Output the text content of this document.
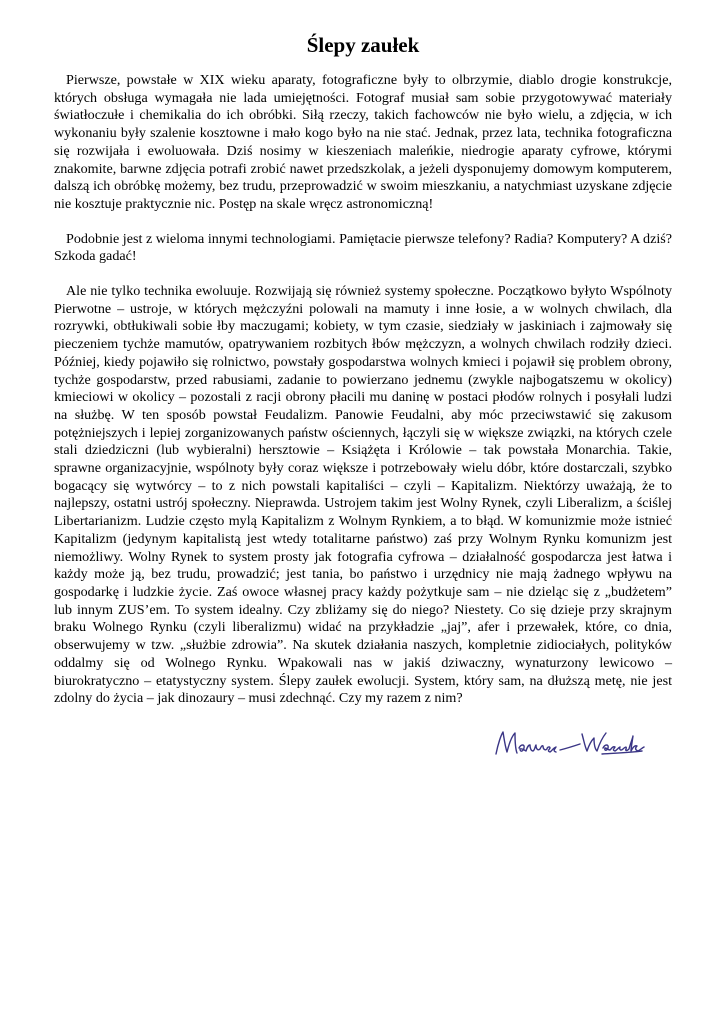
Ślepy zaułek

Pierwsze, powstałe w XIX wieku aparaty, fotograficzne były to olbrzymie, diablo drogie konstrukcje, których obsługa wymagała nie lada umiejętności. Fotograf musiał sam sobie przygotowywać materiały światłoczułe i chemikalia do ich obróbki. Siłą rzeczy, takich fachowców nie było wielu, a zdjęcia, w ich wykonaniu były szalenie kosztowne i mało kogo było na nie stać. Jednak, przez lata, technika fotograficzna się rozwijała i ewoluowała. Dziś nosimy w kieszeniach maleńkie, niedrogie aparaty cyfrowe, którymi znakomite, barwne zdjęcia potrafi zrobić nawet przedszkolak, a jeżeli dysponujemy domowym komputerem, dalszą ich obróbkę możemy, bez trudu, przeprowadzić w swoim mieszkaniu, a natychmiast uzyskane zdjęcie nie kosztuje praktycznie nic. Postęp na skale wręcz astronomiczną!

Podobnie jest z wieloma innymi technologiami. Pamiętacie pierwsze telefony? Radia? Komputery? A dziś? Szkoda gadać!

Ale nie tylko technika ewoluuje. Rozwijają się również systemy społeczne. Początkowo byłyto Wspólnoty Pierwotne – ustroje, w których mężczyźni polowali na mamuty i inne łosie, a w wolnych chwilach, dla rozrywki, obtłukiwali sobie łby maczugami; kobiety, w tym czasie, siedziały w jaskiniach i zajmowały się pieczeniem tychże mamutów, opatrywaniem rozbitych łbów mężczyzn, a wolnych chwilach rodziły dzieci. Później, kiedy pojawiło się rolnictwo, powstały gospodarstwa wolnych kmieci i pojawił się problem obrony, tychże gospodarstw, przed rabusiami, zadanie to powierzano jednemu (zwykle najbogatszemu w okolicy) kmieciowi w okolicy – pozostali z racji obrony płacili mu daninę w postaci płodów rolnych i posyłali ludzi na służbę. W ten sposób powstał Feudalizm. Panowie Feudalni, aby móc przeciwstawić się zakusom potężniejszych i lepiej zorganizowanych państw ościennych, łączyli się w większe związki, na których czele stali dziedziczni (lub wybieralni) hersztowie – Książęta i Królowie – tak powstała Monarchia. Takie, sprawne organizacyjnie, wspólnoty były coraz większe i potrzebowały wielu dóbr, które dostarczali, szybko bogacący się wytwórcy – to z nich powstali kapitaliści – czyli – Kapitalizm. Niektórzy uważają, że to najlepszy, ostatni ustrój społeczny. Nieprawda. Ustrojem takim jest Wolny Rynek, czyli Liberalizm, a ściślej Libertarianizm. Ludzie często mylą Kapitalizm z Wolnym Rynkiem, a to błąd. W komunizmie może istnieć Kapitalizm (jedynym kapitalistą jest wtedy totalitarne państwo) zaś przy Wolnym Rynku komunizm jest niemożliwy. Wolny Rynek to system prosty jak fotografia cyfrowa – działalność gospodarcza jest łatwa i każdy może ją, bez trudu, prowadzić; jest tania, bo państwo i urzędnicy nie mają żadnego wpływu na gospodarkę i ludzkie życie. Zaś owoce własnej pracy każdy pożytkuje sam – nie dzieląc się z „budżetem” lub innym ZUS’em. To system idealny. Czy zbliżamy się do niego? Niestety. Co się dzieje przy skrajnym braku Wolnego Rynku (czyli liberalizmu) widać na przykładzie „jaj”, afer i przewałek, które, co dnia, obserwujemy w tzw. „służbie zdrowia”. Na skutek działania naszych, kompletnie zidiociałych, polityków oddalmy się od Wolnego Rynku. Wpakowali nas w jakiś dziwaczny, wynaturzony lewicowo – biurokratyczno – etatystyczny system. Ślepy zaułek ewolucji. System, który sam, na dłuższą metę, nie jest zdolny do życia – jak dinozaury – musi zdechnąć. Czy my razem z nim?
